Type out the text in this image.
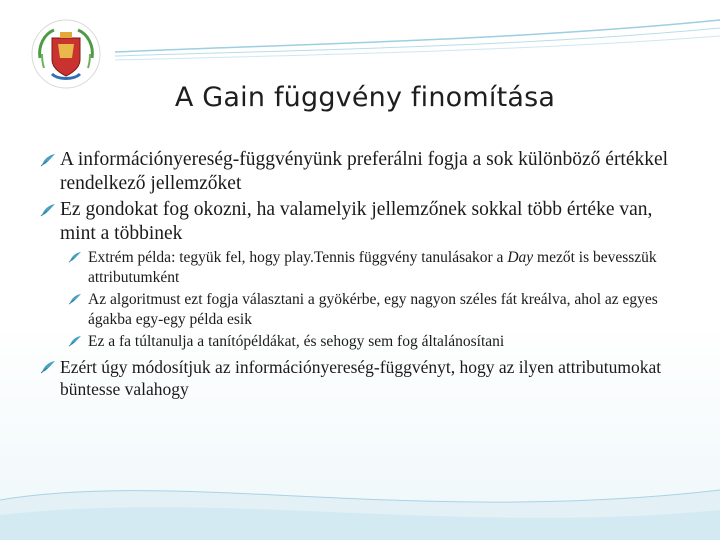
A Gain függvény finomítása
A információnyereség-függvényünk preferálni fogja a sok különböző értékkel rendelkező jellemzőket
Ez gondokat fog okozni, ha valamelyik jellemzőnek sokkal több értéke van, mint a többinek
Extrém példa: tegyük fel, hogy play.Tennis függvény tanulásakor a Day mezőt is bevesszük attributumként
Az algoritmust ezt fogja választani a gyökérbe, egy nagyon széles fát kreálva, ahol az egyes ágakba egy-egy példa esik
Ez a fa túltanulja a tanítópéldákat, és sehogy sem fog általánosítani
Ezért úgy módosítjuk az információnyereség-függvényt, hogy az ilyen attributumokat büntesse valahogy
